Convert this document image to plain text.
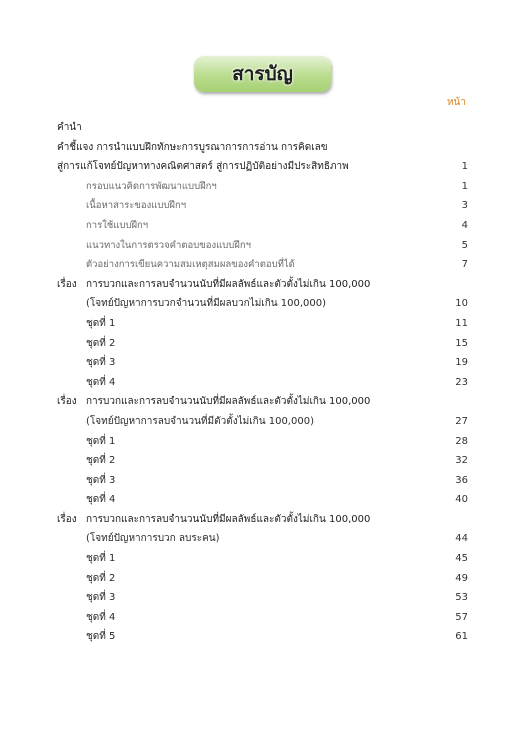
สารบัญ
หน้า
คำนำ
คำชี้แจง การนำแบบฝึกทักษะการบูรณาการการอ่าน การคิดเลข
สู่การแก้โจทย์ปัญหาทางคณิตศาสตร์ สู่การปฏิบัติอย่างมีประสิทธิภาพ	1
กรอบแนวคิดการพัฒนาแบบฝึกฯ	1
เนื้อหาสาระของแบบฝึกฯ	3
การใช้แบบฝึกฯ	4
แนวทางในการตรวจคำตอบของแบบฝึกฯ	5
ตัวอย่างการเขียนความสมเหตุสมผลของคำตอบที่ได้	7
เรื่อง การบวกและการลบจำนวนนับที่มีผลลัพธ์และตัวตั้งไม่เกิน 100,000
(โจทย์ปัญหาการบวกจำนวนที่มีผลบวกไม่เกิน 100,000)	10
ชุดที่ 1	11
ชุดที่ 2	15
ชุดที่ 3	19
ชุดที่ 4	23
เรื่อง การบวกและการลบจำนวนนับที่มีผลลัพธ์และตัวตั้งไม่เกิน 100,000
(โจทย์ปัญหาการลบจำนวนที่มีตัวตั้งไม่เกิน 100,000)	27
ชุดที่ 1	28
ชุดที่ 2	32
ชุดที่ 3	36
ชุดที่ 4	40
เรื่อง การบวกและการลบจำนวนนับที่มีผลลัพธ์และตัวตั้งไม่เกิน 100,000
(โจทย์ปัญหาการบวก ลบระคน)	44
ชุดที่ 1	45
ชุดที่ 2	49
ชุดที่ 3	53
ชุดที่ 4	57
ชุดที่ 5	61
